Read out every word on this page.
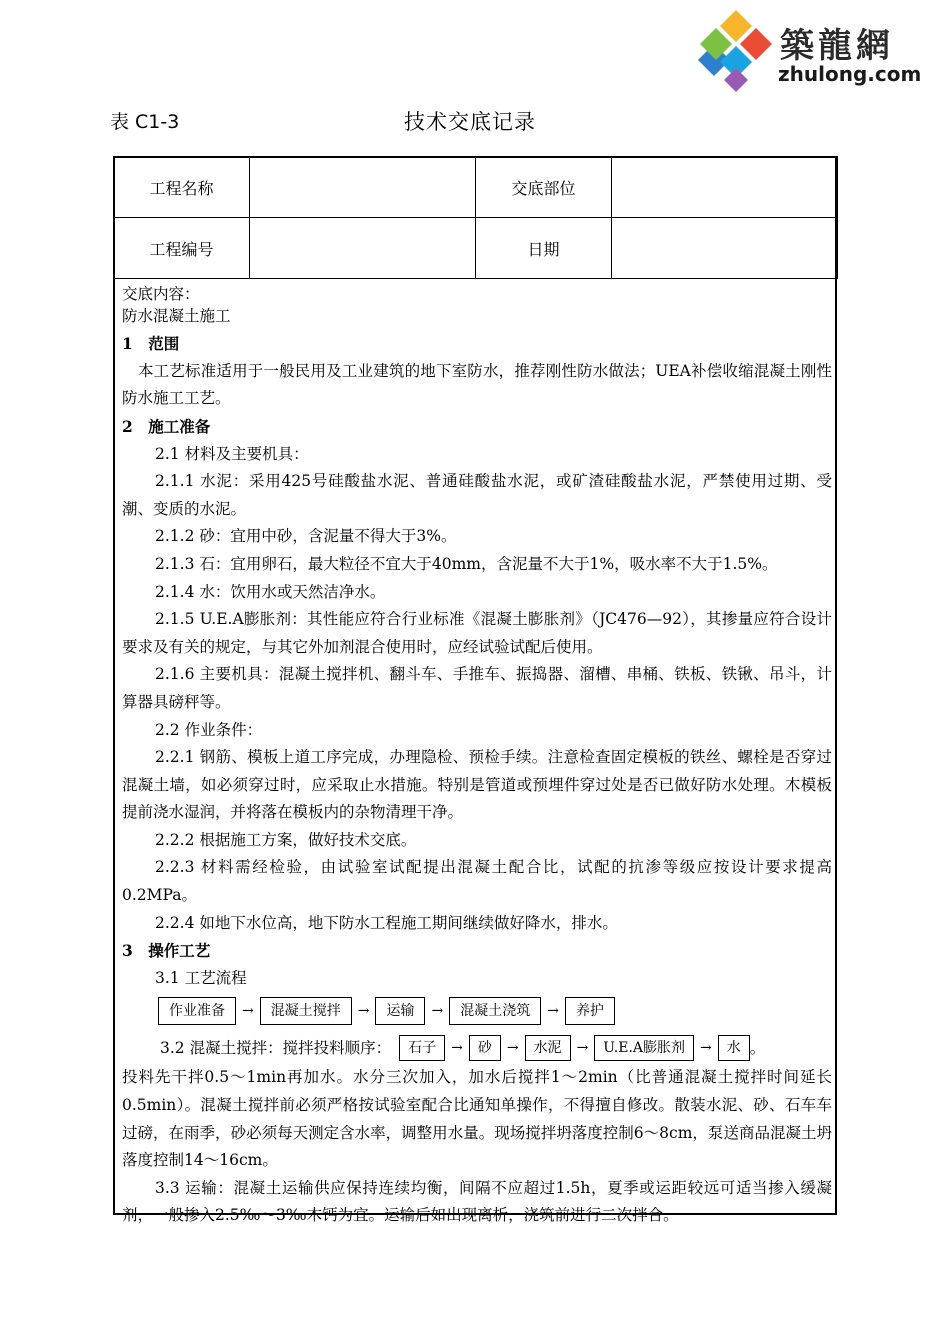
築龍網
zhulong.com
表 C1-3	技术交底记录
工程名称		交底部位	
工程编号		日期	

交底内容：

防水混凝土施工

1　范围

本工艺标准适用于一般民用及工业建筑的地下室防水，推荐刚性防水做法；UEA补偿收缩混凝土刚性防水施工工艺。

2　施工准备

2.1 材料及主要机具：

2.1.1 水泥：采用425号硅酸盐水泥、普通硅酸盐水泥，或矿渣硅酸盐水泥，严禁使用过期、受潮、变质的水泥。

2.1.2 砂：宜用中砂，含泥量不得大于3%。

2.1.3 石：宜用卵石，最大粒径不宜大于40mm，含泥量不大于1%，吸水率不大于1.5%。

2.1.4 水：饮用水或天然洁净水。

2.1.5 U.E.A膨胀剂：其性能应符合行业标准《混凝土膨胀剂》（JC476—92），其掺量应符合设计要求及有关的规定，与其它外加剂混合使用时，应经试验试配后使用。

2.1.6 主要机具：混凝土搅拌机、翻斗车、手推车、振捣器、溜槽、串桶、铁板、铁锹、吊斗，计算器具磅秤等。

2.2 作业条件：

2.2.1 钢筋、模板上道工序完成，办理隐检、预检手续。注意检查固定模板的铁丝、螺栓是否穿过混凝土墙，如必须穿过时，应采取止水措施。特别是管道或预埋件穿过处是否已做好防水处理。木模板提前浇水湿润，并将落在模板内的杂物清理干净。

2.2.2 根据施工方案，做好技术交底。

2.2.3 材料需经检验，由试验室试配提出混凝土配合比，试配的抗渗等级应按设计要求提高0.2MPa。

2.2.4 如地下水位高，地下防水工程施工期间继续做好降水，排水。

3　操作工艺

3.1 工艺流程

作业准备	→	混凝土搅拌	→	运输	→	混凝土浇筑	→	养护
3.2 混凝土搅拌：搅拌投料顺序：	石子	→	砂	→	水泥	→	U.E.A膨胀剂	→	水 。

投料先干拌0.5～1min再加水。水分三次加入，加水后搅拌1～2min（比普通混凝土搅拌时间延长0.5min）。混凝土搅拌前必须严格按试验室配合比通知单操作，不得擅自修改。散装水泥、砂、石车车过磅，在雨季，砂必须每天测定含水率，调整用水量。现场搅拌坍落度控制6～8cm，泵送商品混凝土坍落度控制14～16cm。

3.3 运输：混凝土运输供应保持连续均衡，间隔不应超过1.5h，夏季或运距较远可适当掺入缓凝剂，一般掺入2.5‰～3‰木钙为宜。运输后如出现离析，浇筑前进行二次拌合。
